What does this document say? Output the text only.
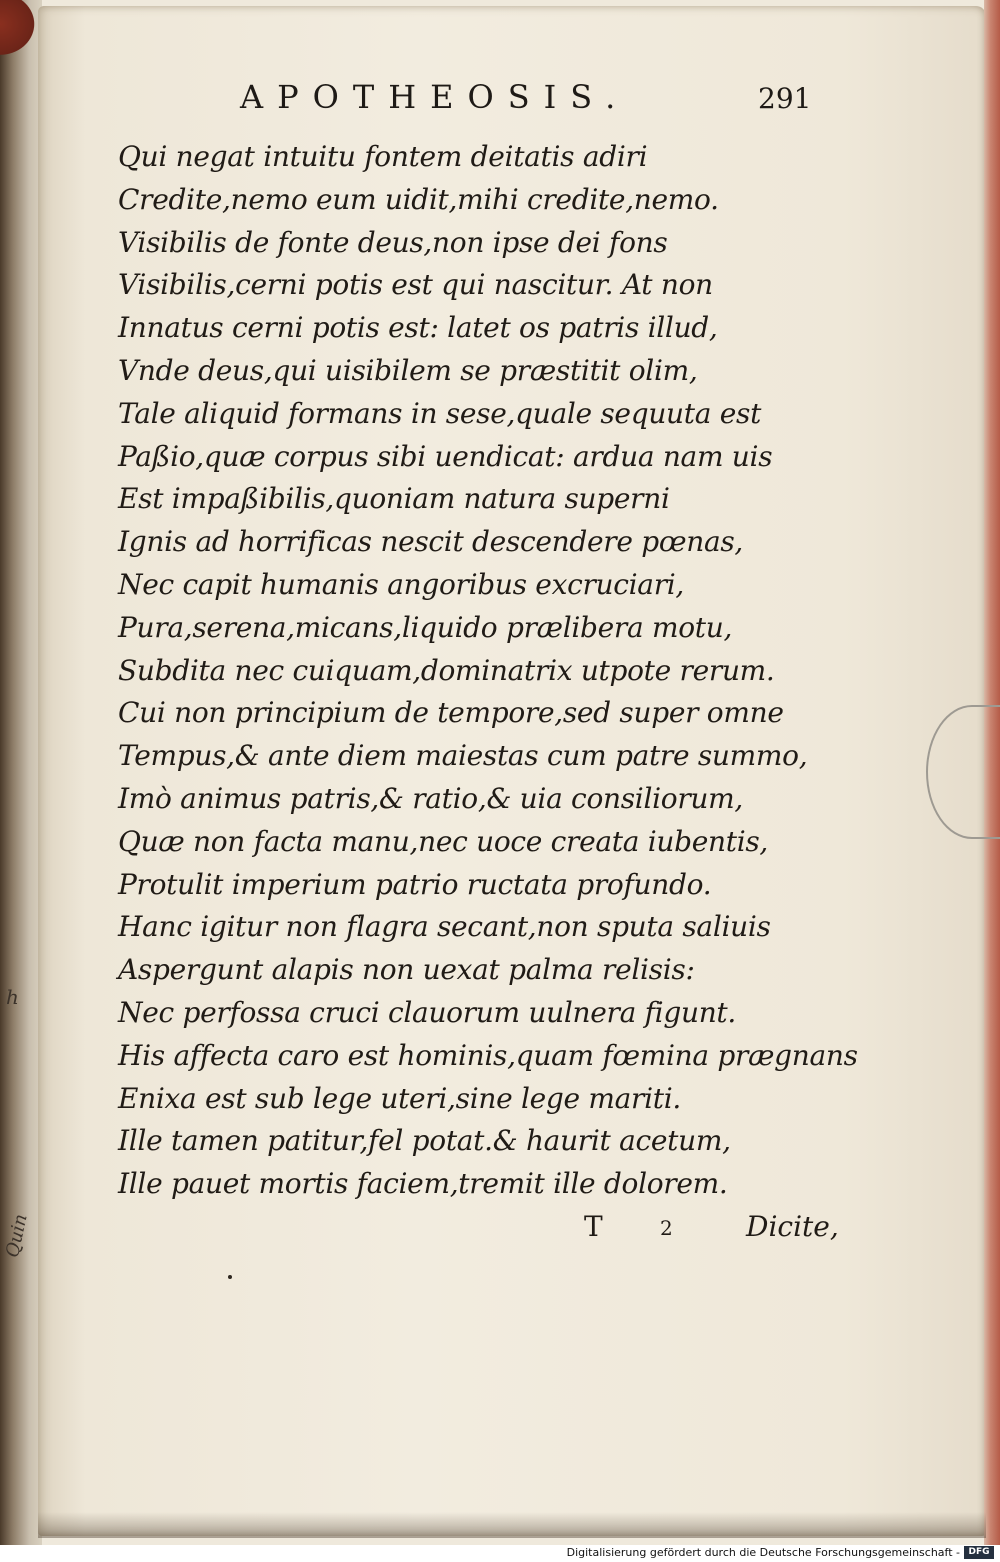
h
Quin
APOTHEOSIS.	291
Qui negat intuitu fontem deitatis adiri
Credite,nemo eum uidit,mihi credite,nemo.
Visibilis de fonte deus,non ipse dei fons
Visibilis,cerni potis est qui nascitur. At non
Innatus cerni potis est: latet os patris illud,
Vnde deus,qui uisibilem se præstitit olim,
Tale aliquid formans in sese,quale sequuta est
Paßio,quæ corpus sibi uendicat: ardua nam uis
Est impaßibilis,quoniam natura superni
Ignis ad horrificas nescit descendere pœnas,
Nec capit humanis angoribus excruciari,
Pura,serena,micans,liquido prælibera motu,
Subdita nec cuiquam,dominatrix utpote rerum.
Cui non principium de tempore,sed super omne
Tempus,& ante diem maiestas cum patre summo,
Imò animus patris,& ratio,& uia consiliorum,
Quæ non facta manu,nec uoce creata iubentis,
Protulit imperium patrio ructata profundo.
Hanc igitur non flagra secant,non sputa saliuis
Aspergunt alapis non uexat palma relisis:
Nec perfossa cruci clauorum uulnera figunt.
His affecta caro est hominis,quam fœmina prægnans
Enixa est sub lege uteri,sine lege mariti.
Ille tamen patitur,fel potat.& haurit acetum,
Ille pauet mortis faciem,tremit ille dolorem.
T	2	Dicite,
Digitalisierung gefördert durch die Deutsche Forschungsgemeinschaft - DFG
